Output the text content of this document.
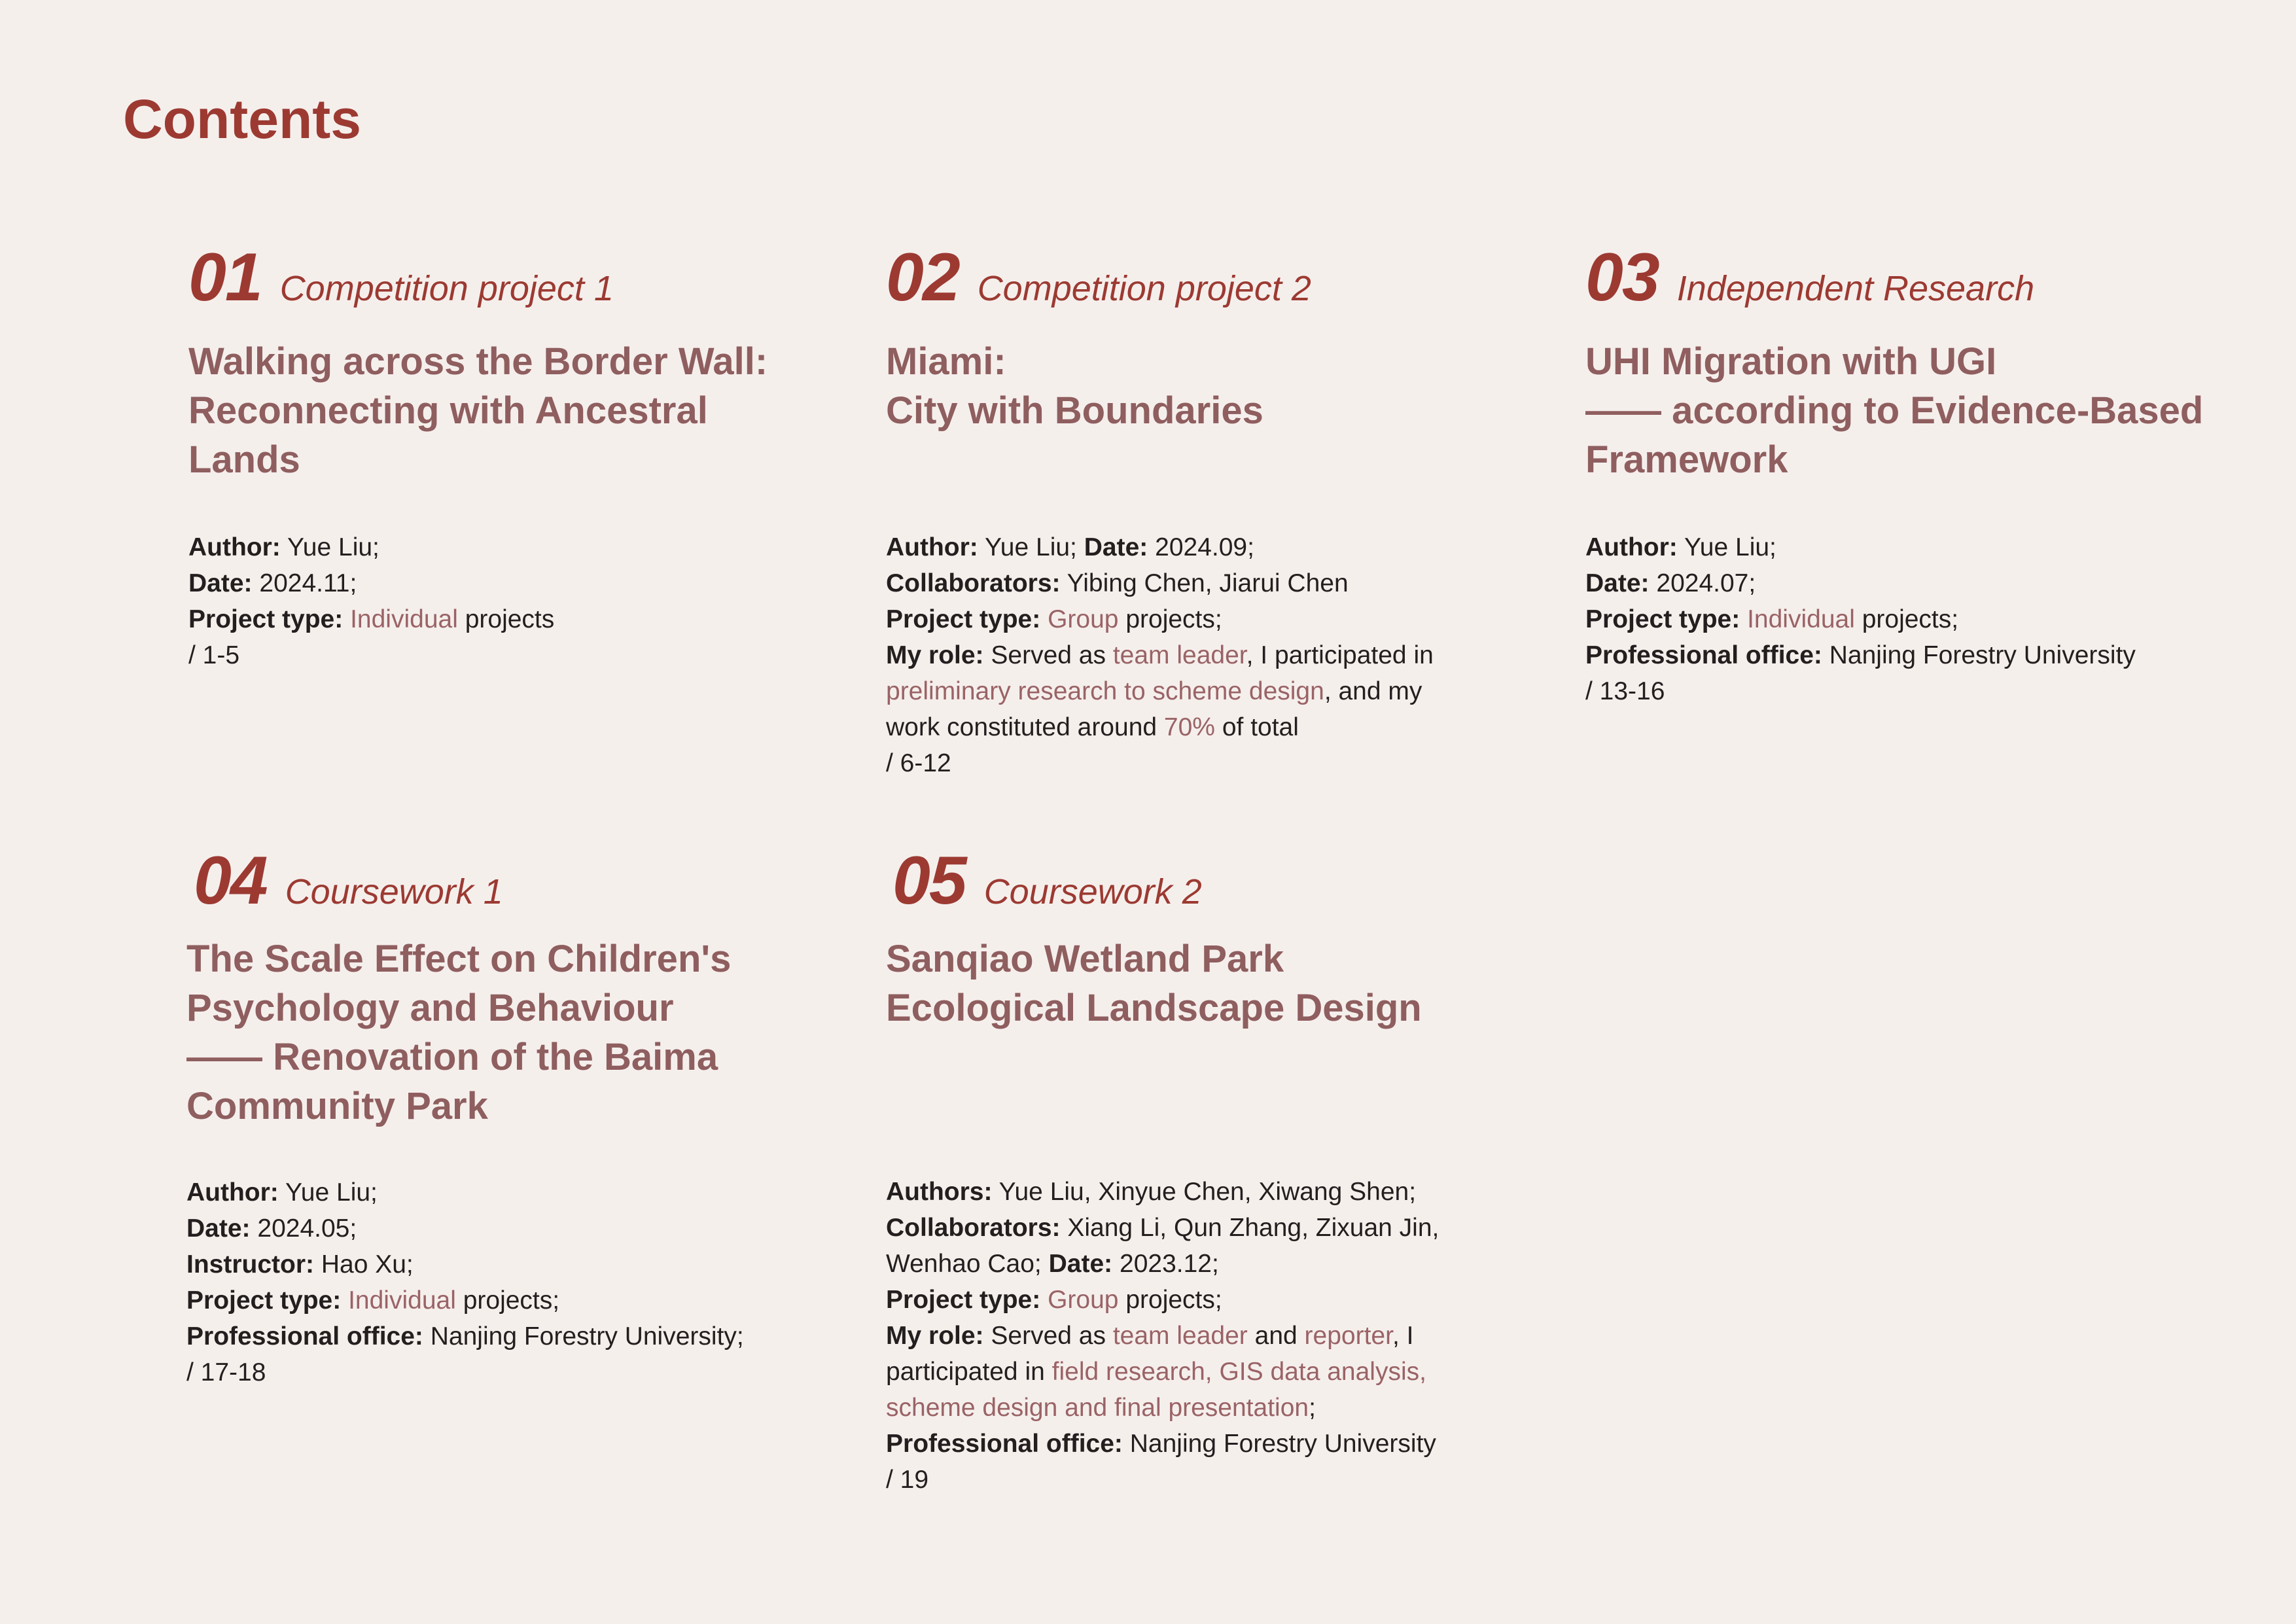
Contents
01 Competition project 1
Walking across the Border Wall:
Reconnecting with Ancestral
Lands
Author: Yue Liu;
Date: 2024.11;
Project type: Individual projects
/ 1-5
02 Competition project 2
Miami:
City with Boundaries
Author: Yue Liu; Date: 2024.09;
Collaborators: Yibing Chen, Jiarui Chen
Project type: Group projects;
My role: Served as team leader, I participated in
preliminary research to scheme design, and my
work constituted around 70% of total
/ 6-12
03 Independent Research
UHI Migration with UGI
—— according to Evidence-Based
Framework
Author: Yue Liu;
Date: 2024.07;
Project type: Individual projects;
Professional office: Nanjing Forestry University
/ 13-16
04 Coursework 1
The Scale Effect on Children's
Psychology and Behaviour
—— Renovation of the Baima
Community Park
Author: Yue Liu;
Date: 2024.05;
Instructor: Hao Xu;
Project type: Individual projects;
Professional office: Nanjing Forestry University;
/ 17-18
05 Coursework 2
Sanqiao Wetland Park
Ecological Landscape Design
Authors: Yue Liu, Xinyue Chen, Xiwang Shen;
Collaborators: Xiang Li, Qun Zhang, Zixuan Jin,
Wenhao Cao; Date: 2023.12;
Project type: Group projects;
My role: Served as team leader and reporter, I
participated in field research, GIS data analysis,
scheme design and final presentation;
Professional office: Nanjing Forestry University
/ 19
